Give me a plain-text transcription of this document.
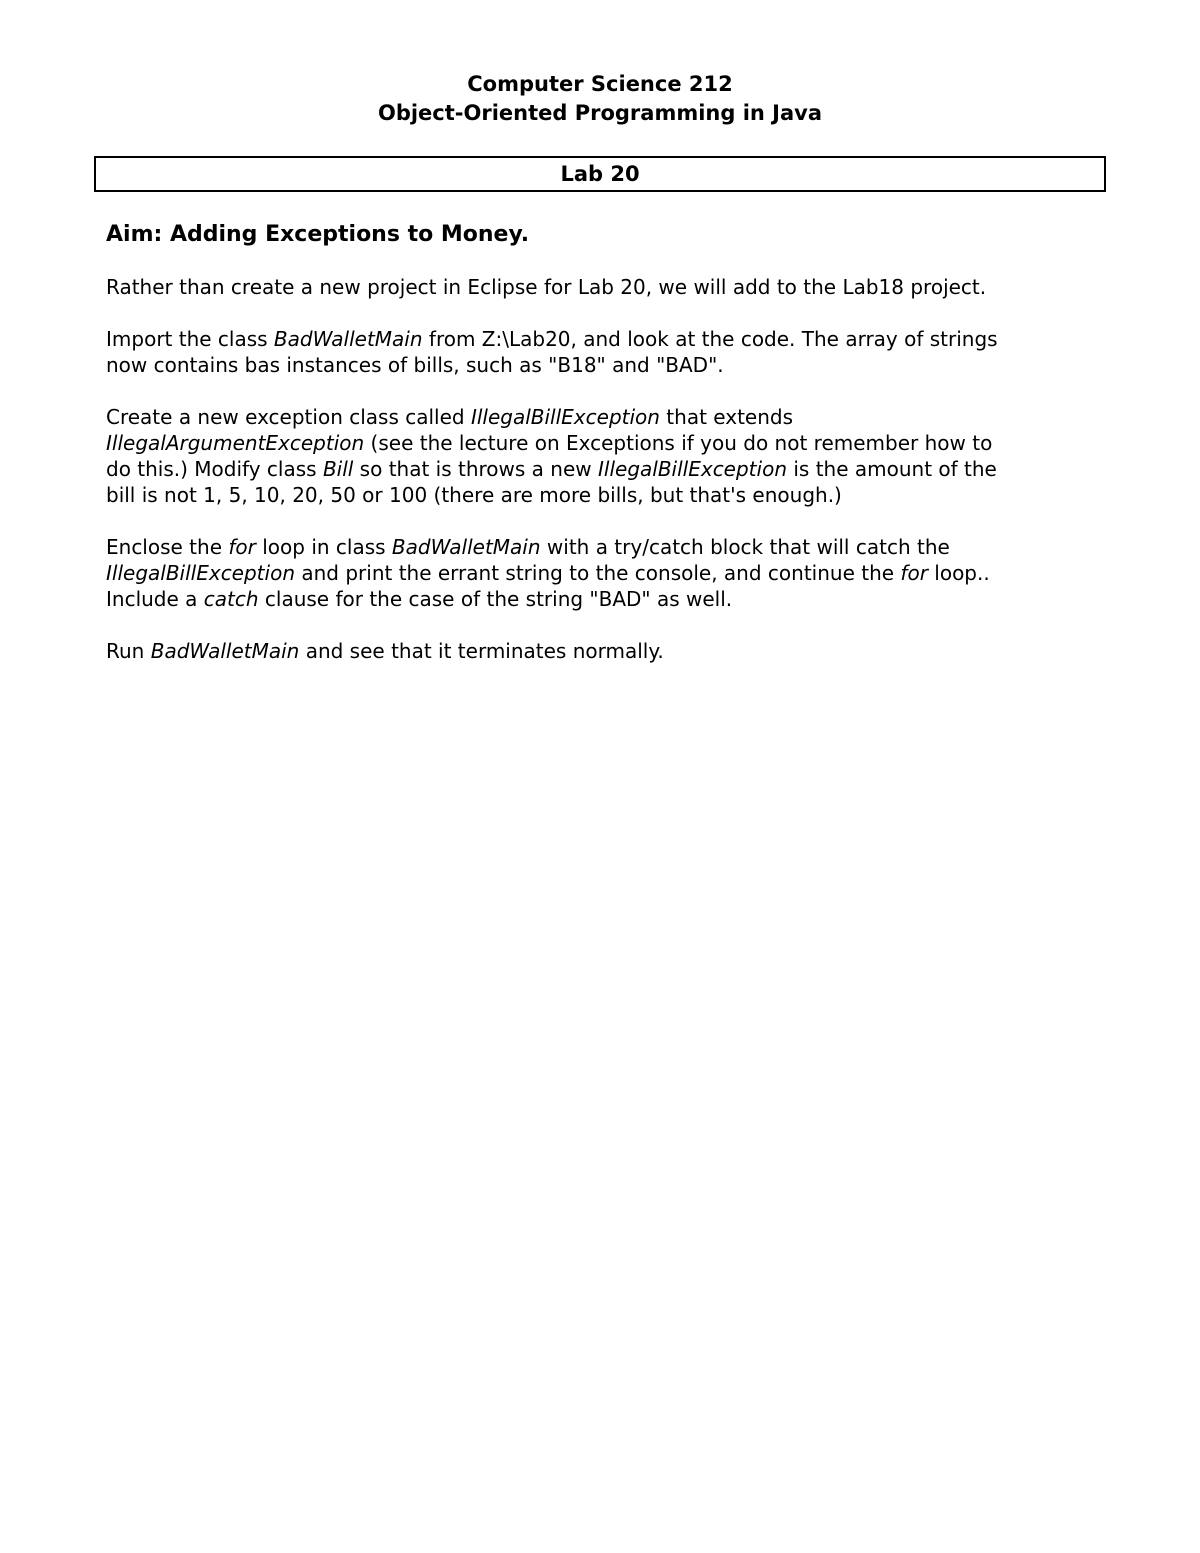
Computer Science 212
Object-Oriented Programming in Java
Lab 20
Aim: Adding Exceptions to Money.
Rather than create a new project in Eclipse for Lab 20, we will add to the Lab18 project.
Import the class BadWalletMain from Z:\Lab20, and look at the code. The array of strings
now contains bas instances of bills, such as "B18" and "BAD".
Create a new exception class called IllegalBillException that extends
IllegalArgumentException (see the lecture on Exceptions if you do not remember how to
do this.) Modify class Bill so that is throws a new IllegalBillException is the amount of the
bill is not 1, 5, 10, 20, 50 or 100 (there are more bills, but that's enough.)
Enclose the for loop in class BadWalletMain with a try/catch block that will catch the
IllegalBillException and print the errant string to the console, and continue the for loop..
Include a catch clause for the case of the string "BAD" as well.
Run BadWalletMain and see that it terminates normally.
